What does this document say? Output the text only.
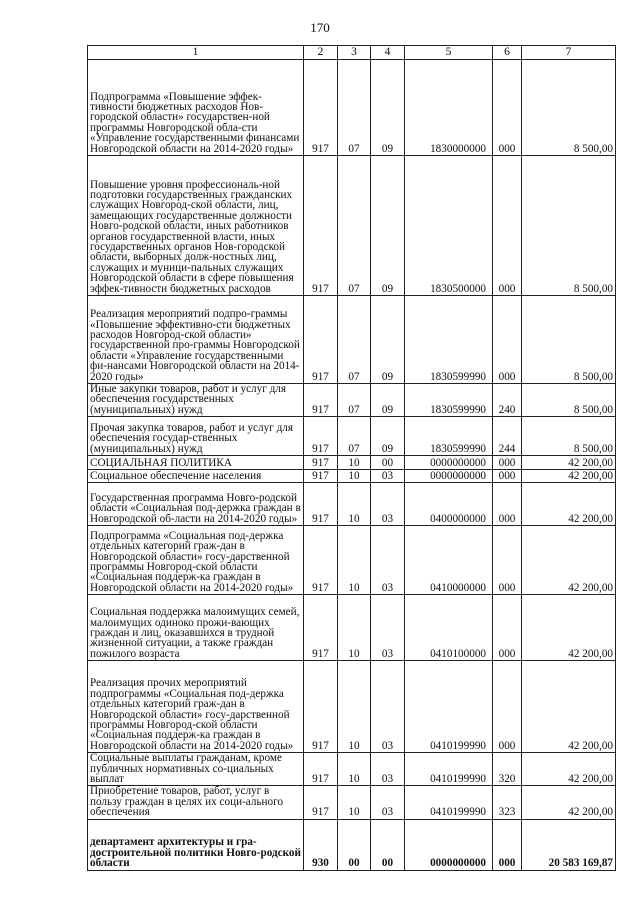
170
1	2	3	4	5	6	7
Подпрограмма «Повышение эффек-тивности бюджетных расходов Нов-городской области» государствен-ной программы Новгородской обла-сти «Управление государственными финансами Новгородской области на 2014-2020 годы»	917	07	09	1830000000	000	8 500,00
Повышение уровня профессиональ-ной подготовки государственных гражданских служащих Новгород-ской области, лиц, замещающих государственные должности Новго-родской области, иных работников органов государственной власти, иных государственных органов Нов-городской области, выборных долж-ностных лиц, служащих и муници-пальных служащих Новгородской области в сфере повышения эффек-тивности бюджетных расходов	917	07	09	1830500000	000	8 500,00
Реализация мероприятий подпро-граммы «Повышение эффективно-сти бюджетных расходов Новгород-ской области» государственной про-граммы Новгородской области «Управление государственными фи-нансами Новгородской области на 2014-2020 годы»	917	07	09	1830599990	000	8 500,00
Иные закупки товаров, работ и услуг для обеспечения государственных (муниципальных) нужд	917	07	09	1830599990	240	8 500,00
Прочая закупка товаров, работ и услуг для обеспечения государ-ственных (муниципальных) нужд	917	07	09	1830599990	244	8 500,00
СОЦИАЛЬНАЯ ПОЛИТИКА	917	10	00	0000000000	000	42 200,00
Социальное обеспечение населения	917	10	03	0000000000	000	42 200,00
Государственная программа Новго-родской области «Социальная под-держка граждан в Новгородской об-ласти на 2014-2020 годы»	917	10	03	0400000000	000	42 200,00
Подпрограмма «Социальная под-держка отдельных категорий граж-дан в Новгородской области» госу-дарственной программы Новгород-ской области «Социальная поддерж-ка граждан в Новгородской области на 2014-2020 годы»	917	10	03	0410000000	000	42 200,00
Социальная поддержка малоимущих семей, малоимущих одиноко прожи-вающих граждан и лиц, оказавшихся в трудной жизненной ситуации, а также граждан пожилого возраста	917	10	03	0410100000	000	42 200,00
Реализация прочих мероприятий подпрограммы «Социальная под-держка отдельных категорий граж-дан в Новгородской области» госу-дарственной программы Новгород-ской области «Социальная поддерж-ка граждан в Новгородской области на 2014-2020 годы»	917	10	03	0410199990	000	42 200,00
Социальные выплаты гражданам, кроме публичных нормативных со-циальных выплат	917	10	03	0410199990	320	42 200,00
Приобретение товаров, работ, услуг в пользу граждан в целях их соци-ального обеспечения	917	10	03	0410199990	323	42 200,00
департамент архитектуры и гра-достроительной политики Новго-родской области	930	00	00	0000000000	000	20 583 169,87
